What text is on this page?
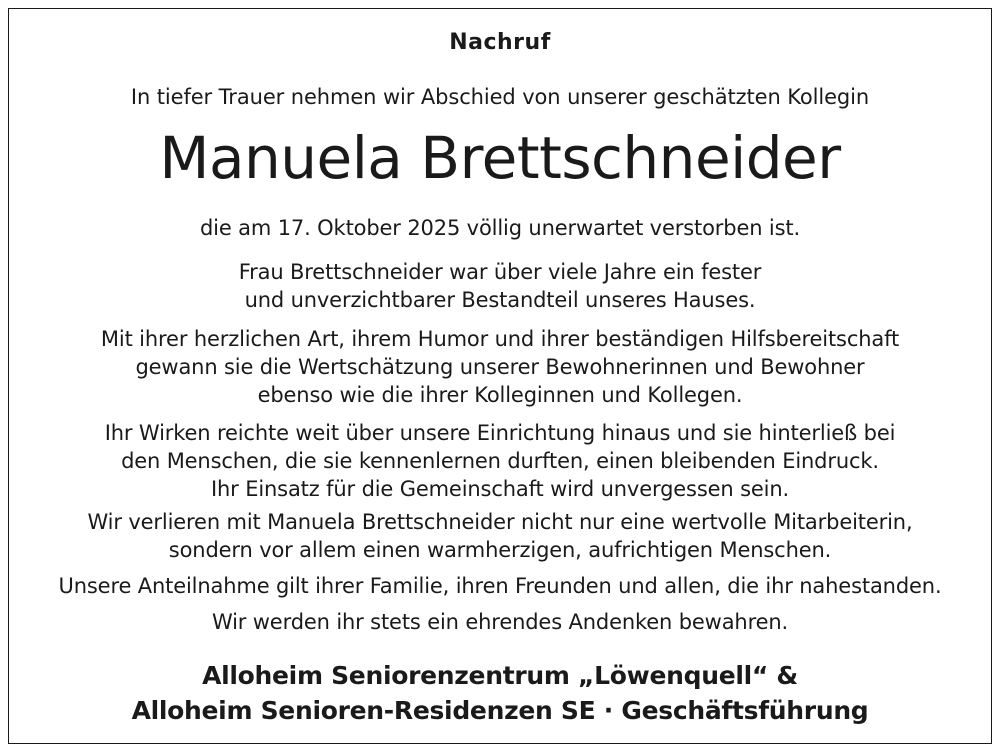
Nachruf
In tiefer Trauer nehmen wir Abschied von unserer geschätzten Kollegin
Manuela Brettschneider
die am 17. Oktober 2025 völlig unerwartet verstorben ist.
Frau Brettschneider war über viele Jahre ein fester
und unverzichtbarer Bestandteil unseres Hauses.
Mit ihrer herzlichen Art, ihrem Humor und ihrer beständigen Hilfsbereitschaft
gewann sie die Wertschätzung unserer Bewohnerinnen und Bewohner
ebenso wie die ihrer Kolleginnen und Kollegen.
Ihr Wirken reichte weit über unsere Einrichtung hinaus und sie hinterließ bei
den Menschen, die sie kennenlernen durften, einen bleibenden Eindruck.
Ihr Einsatz für die Gemeinschaft wird unvergessen sein.
Wir verlieren mit Manuela Brettschneider nicht nur eine wertvolle Mitarbeiterin,
sondern vor allem einen warmherzigen, aufrichtigen Menschen.
Unsere Anteilnahme gilt ihrer Familie, ihren Freunden und allen, die ihr nahestanden.
Wir werden ihr stets ein ehrendes Andenken bewahren.
Alloheim Seniorenzentrum „Löwenquell“ &
Alloheim Senioren-Residenzen SE · Geschäftsführung
